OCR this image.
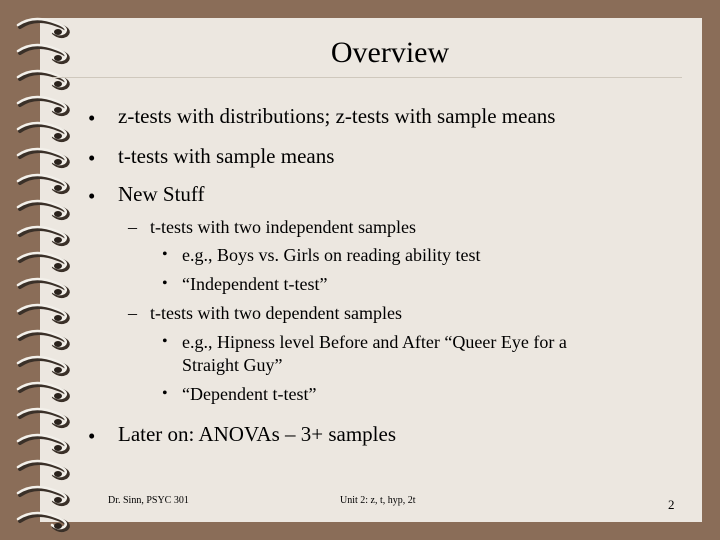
Overview
• z-tests with distributions; z-tests with sample means
• t-tests with sample means
• New Stuff
– t-tests with two independent samples
• e.g., Boys vs. Girls on reading ability test
• “Independent t-test”
– t-tests with two dependent samples
• e.g., Hipness level Before and After “Queer Eye for a
Straight Guy”
• “Dependent t-test”
• Later on: ANOVAs – 3+ samples
Dr. Sinn, PSYC 301	Unit 2: z, t, hyp, 2t	2
